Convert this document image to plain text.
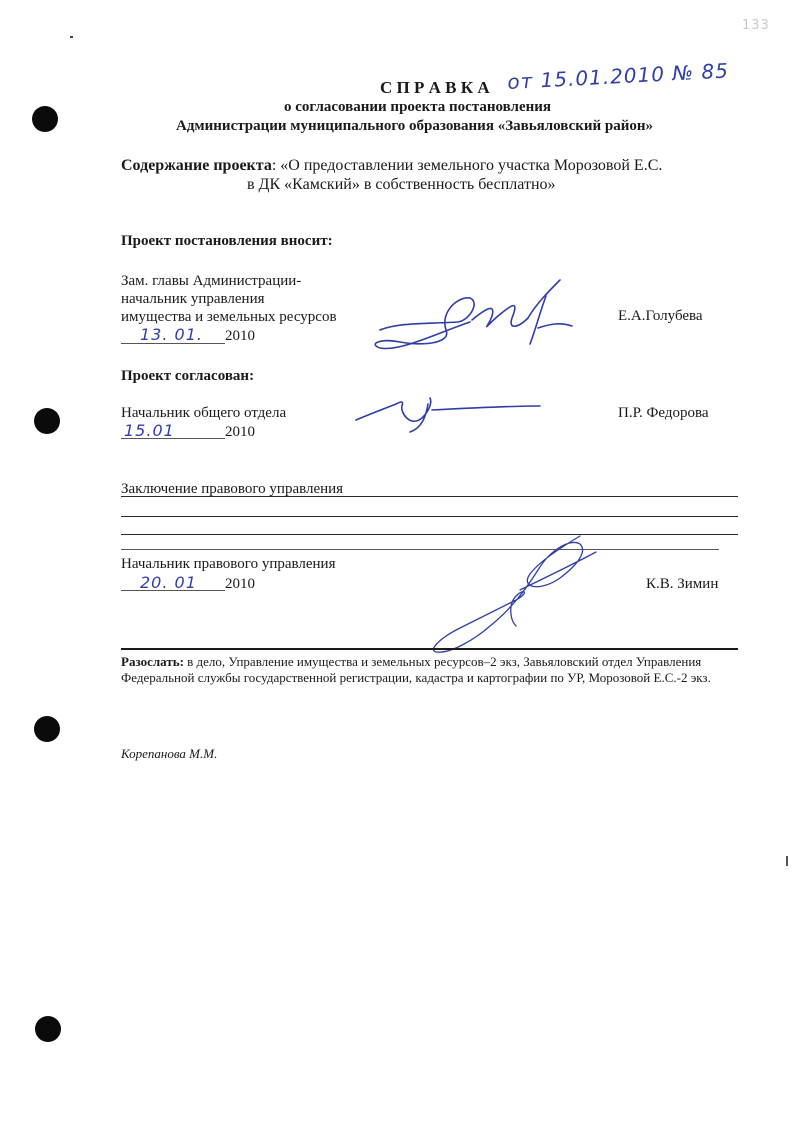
133
С П Р А В К А от 15.01.2010 № 85
о согласовании проекта постановления
Администрации муниципального образования «Завьяловский район»
Содержание проекта: «О предоставлении земельного участка Морозовой Е.С.
в ДК «Камский» в собственность бесплатно»
Проект постановления вносит:
Зам. главы Администрации-
начальник управления
имущества и земельных ресурсов
13. 01. 2010
Е.А.Голубева
Проект согласован:
Начальник общего отдела
15.01	2010
П.Р. Федорова
Заключение правового управления
Начальник правового управления
20. 01 2010	К.В. Зимин
Разослать: в дело, Управление имущества и земельных ресурсов–2 экз, Завьяловский отдел Управления
Федеральной службы государственной регистрации, кадастра и картографии по УР, Морозовой Е.С.-2 экз.
Корепанова М.М.
